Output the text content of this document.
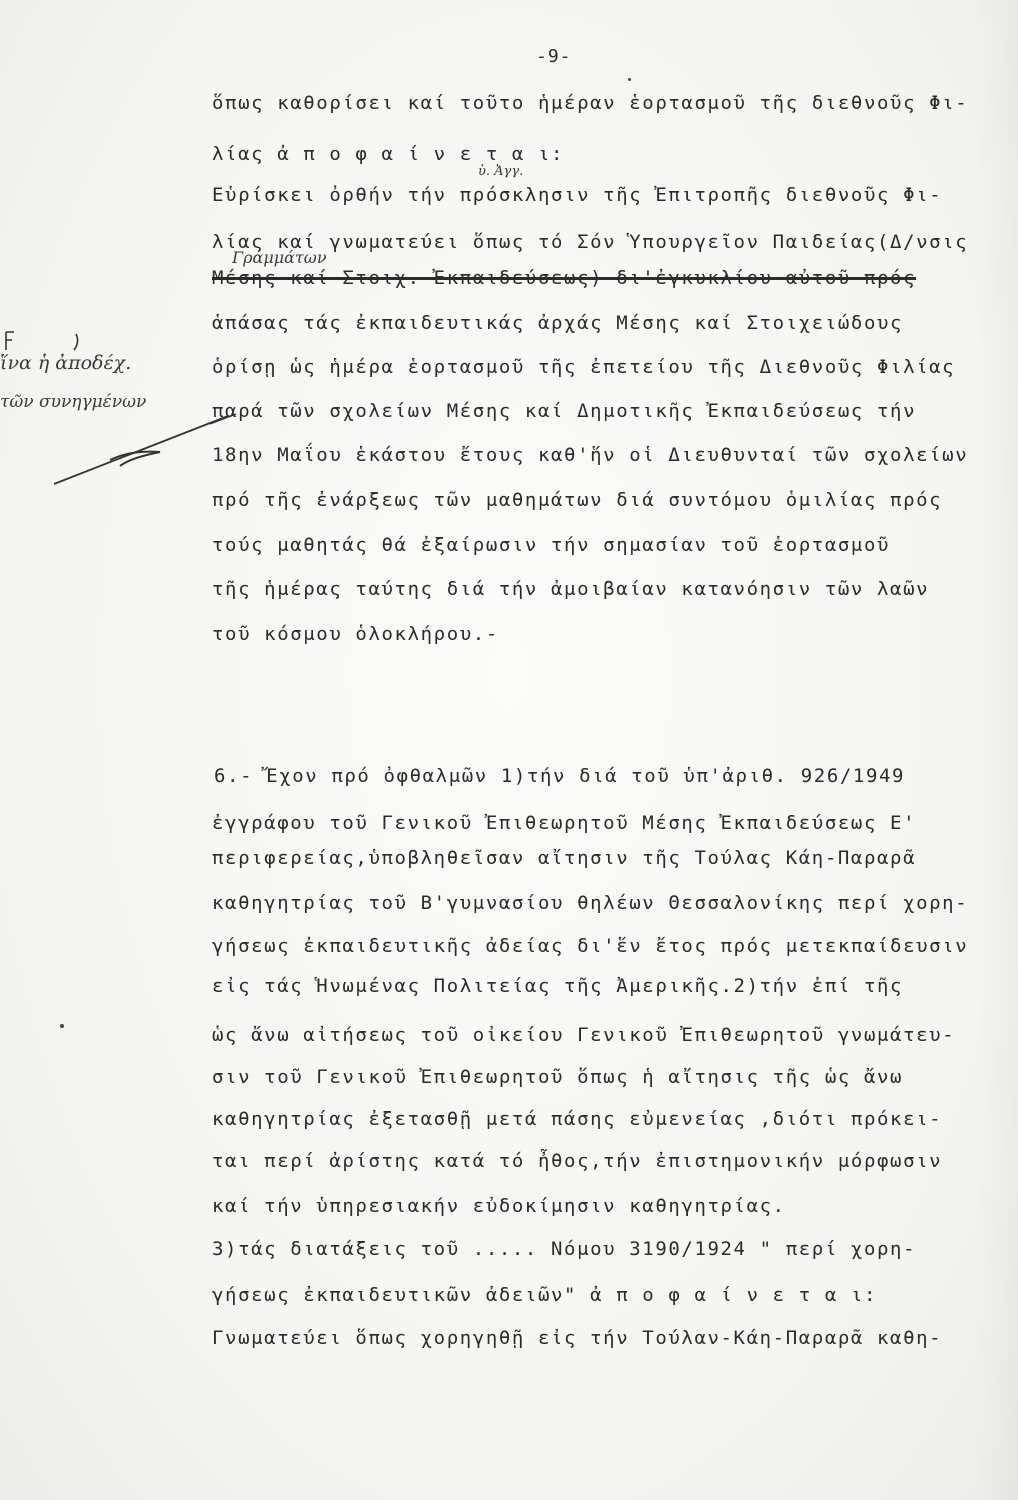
-9-
ὅπως καθορίσει καί τοῦτο ἡμέραν ἑορτασμοῦ τῆς διεθνοῦς Φι-
λίας ἀ π ο φ α ί ν ε τ α ι:
Εὑρίσκει ὀρθήν τήν πρόσκλησιν τῆς Ἐπιτροπῆς διεθνοῦς Φι-
λίας καί γνωματεύει ὅπως τό Σόν Ὑπουργεῖον Παιδείας(Δ/νσις
Μέσης καί Στοιχ. Ἐκπαιδεύσεως) δι'ἐγκυκλίου αὐτοῦ πρός
ἁπάσας τάς ἐκπαιδευτικάς ἀρχάς Μέσης καί Στοιχειώδους
ὁρίσῃ ὡς ἡμέρα ἑορτασμοῦ τῆς ἐπετείου τῆς Διεθνοῦς Φιλίας
παρά τῶν σχολείων Μέσης καί Δημοτικῆς Ἐκπαιδεύσεως τήν
18ην Μαΐου ἑκάστου ἔτους καθ'ἥν οἱ Διευθυνταί τῶν σχολείων
πρό τῆς ἐνάρξεως τῶν μαθημάτων διά συντόμου ὁμιλίας πρός
τούς μαθητάς θά ἐξαίρωσιν τήν σημασίαν τοῦ ἑορτασμοῦ
τῆς ἡμέρας ταύτης διά τήν ἀμοιβαίαν κατανόησιν τῶν λαῶν
τοῦ κόσμου ὁλοκλήρου.-
ὑ. Ἀγγ.
Γραμμάτων
ἵνα ἡ ἀποδέχ.
τῶν συνηγμένων
6.- Ἔχον πρό ὀφθαλμῶν 1)τήν διά τοῦ ὑπ'ἀριθ. 926/1949
ἐγγράφου τοῦ Γενικοῦ Ἐπιθεωρητοῦ Μέσης Ἐκπαιδεύσεως Ε'
περιφερείας,ὑποβληθεῖσαν αἴτησιν τῆς Τούλας Κάη-Παραρᾶ
καθηγητρίας τοῦ Β'γυμνασίου θηλέων Θεσσαλονίκης περί χορη-
γήσεως ἐκπαιδευτικῆς ἀδείας δι'ἕν ἔτος πρός μετεκπαίδευσιν
εἰς τάς Ἡνωμένας Πολιτείας τῆς Ἀμερικῆς.2)τήν ἐπί τῆς
ὡς ἄνω αἰτήσεως τοῦ οἰκείου Γενικοῦ Ἐπιθεωρητοῦ γνωμάτευ-
σιν τοῦ Γενικοῦ Ἐπιθεωρητοῦ ὅπως ἡ αἴτησις τῆς ὡς ἄνω
καθηγητρίας ἐξετασθῇ μετά πάσης εὐμενείας ,διότι πρόκει-
ται περί ἀρίστης κατά τό ἦθος,τήν ἐπιστημονικήν μόρφωσιν
καί τήν ὑπηρεσιακήν εὐδοκίμησιν καθηγητρίας.
3)τάς διατάξεις τοῦ ..... Νόμου 3190/1924 " περί χορη-
γήσεως ἐκπαιδευτικῶν ἀδειῶν" ἀ π ο φ α ί ν ε τ α ι:
Γνωματεύει ὅπως χορηγηθῇ εἰς τήν Τούλαν-Κάη-Παραρᾶ καθη-
